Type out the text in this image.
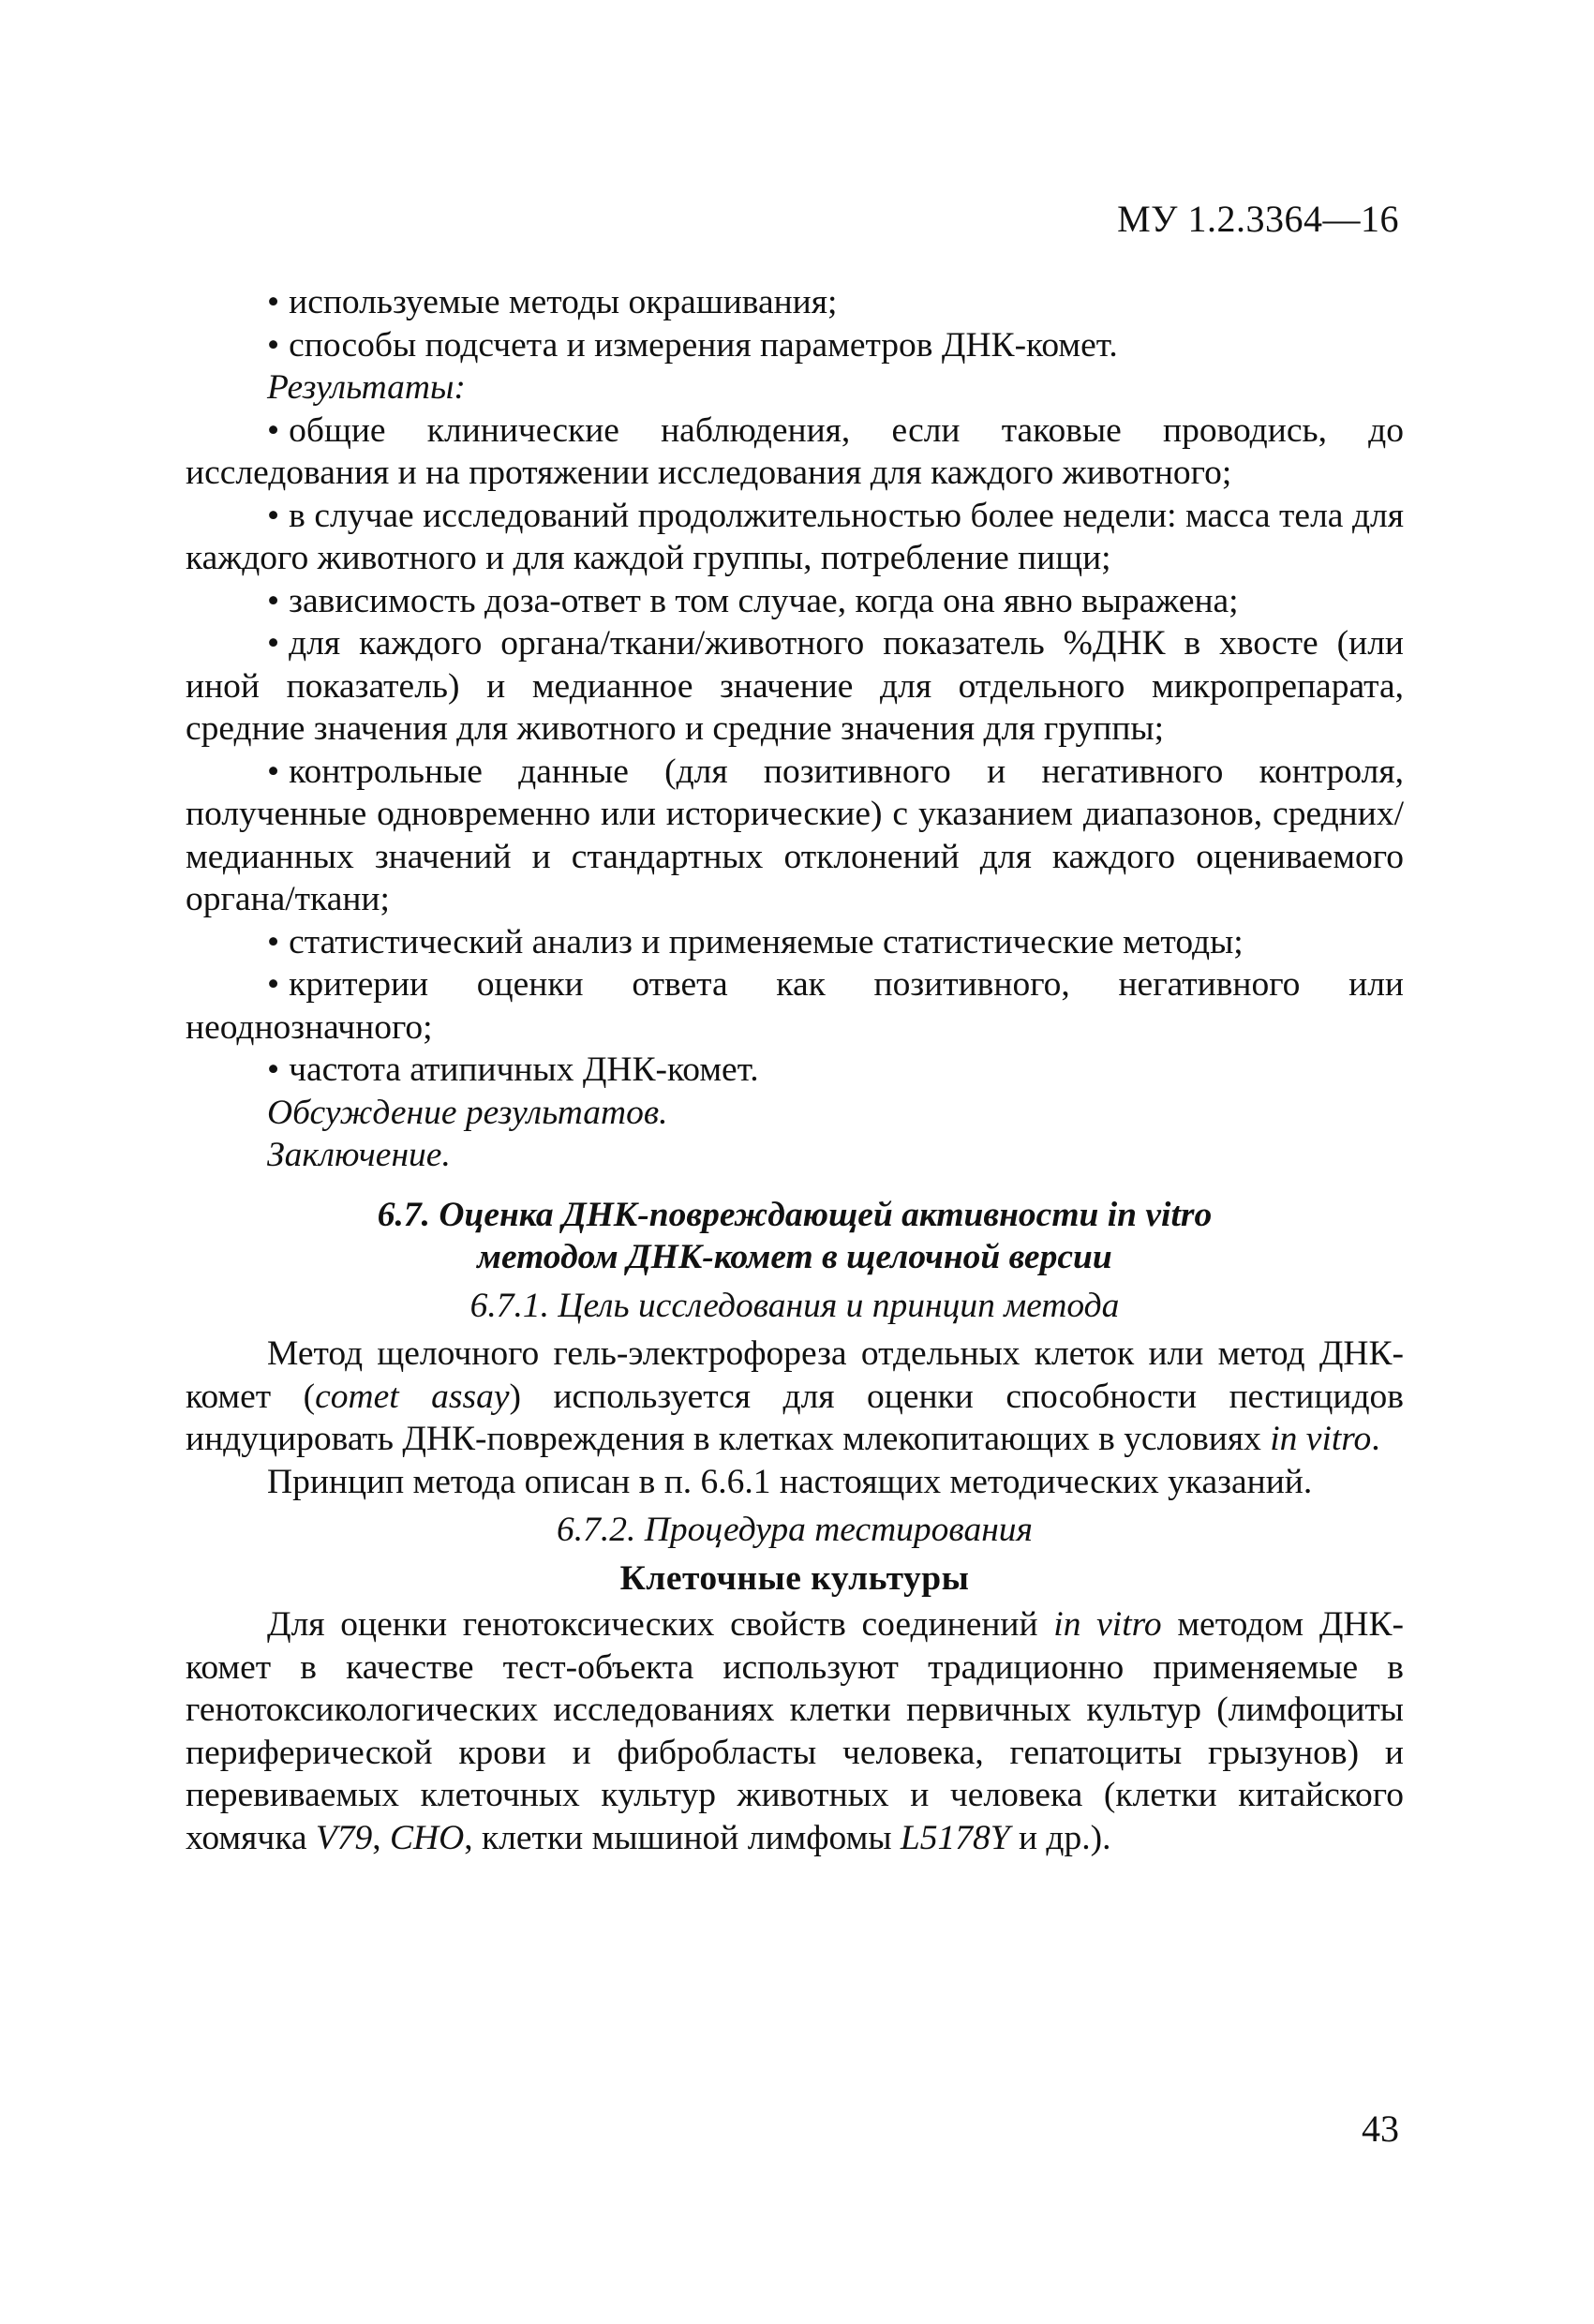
МУ 1.2.3364—16

• используемые методы окрашивания;

• способы подсчета и измерения параметров ДНК-комет.

Результаты:

• общие клинические наблюдения, если таковые проводись, до исследования и на протяжении исследования для каждого животного;

• в случае исследований продолжительностью более недели: масса тела для каждого животного и для каждой группы, потребление пищи;

• зависимость доза-ответ в том случае, когда она явно выражена;

• для каждого органа/ткани/животного показатель %ДНК в хвосте (или иной показатель) и медианное значение для отдельного микропрепарата, средние значения для животного и средние значения для группы;

• контрольные данные (для позитивного и негативного контроля, полученные одновременно или исторические) с указанием диапазонов, средних/медианных значений и стандартных отклонений для каждого оцениваемого органа/ткани;

• статистический анализ и применяемые статистические методы;

• критерии оценки ответа как позитивного, негативного или неоднозначного;

• частота атипичных ДНК-комет.

Обсуждение результатов.

Заключение.

6.7. Оценка ДНК-повреждающей активности in vitro
методом ДНК-комет в щелочной версии

6.7.1. Цель исследования и принцип метода

Метод щелочного гель-электрофореза отдельных клеток или метод ДНК-комет (comet assay) используется для оценки способности пестицидов индуцировать ДНК-повреждения в клетках млекопитающих в условиях in vitro.

Принцип метода описан в п. 6.6.1 настоящих методических указаний.

6.7.2. Процедура тестирования

Клеточные культуры

Для оценки генотоксических свойств соединений in vitro методом ДНК-комет в качестве тест-объекта используют традиционно применяемые в генотоксикологических исследованиях клетки первичных культур (лимфоциты периферической крови и фибробласты человека, гепатоциты грызунов) и перевиваемых клеточных культур животных и человека (клетки китайского хомячка V79, CHO, клетки мышиной лимфомы L5178Y и др.).

43
